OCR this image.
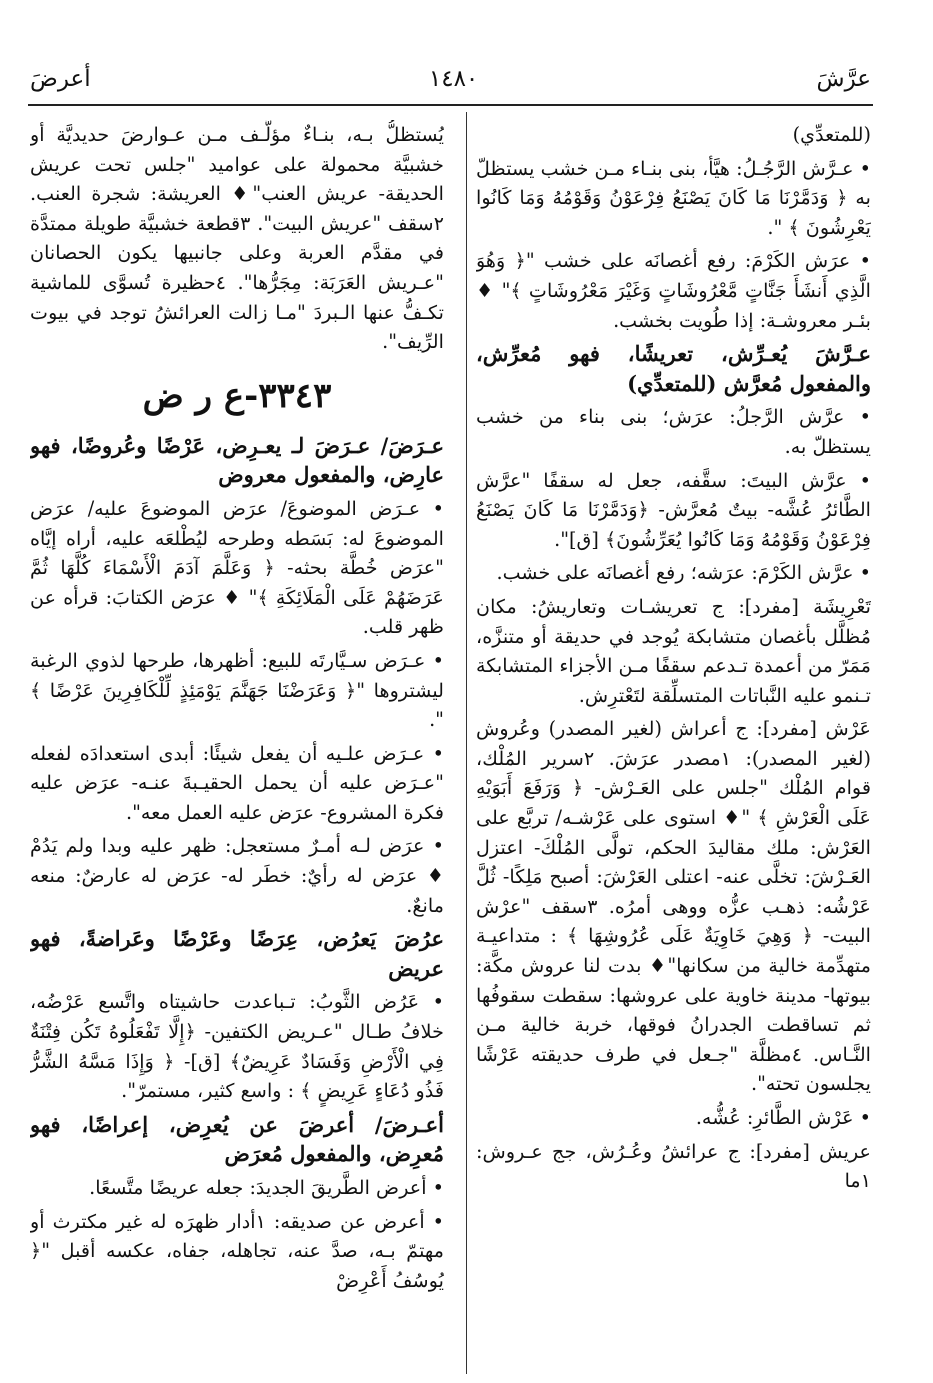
عرَّشَ
١٤٨٠
أعرضَ

(للمتعدِّي)

• عـرَّش الرَّجُـلُ: هيَّأ، بنى بنـاء مـن خشب يستظلّ به ﴿ وَدَمَّرْنَا مَا كَانَ يَصْنَعُ فِرْعَوْنُ وَقَوْمُهُ وَمَا كَانُوا يَعْرِشُونَ ﴾ ".

• عرَش الكَرْمَ: رفع أغصانَه على خشب "﴿ وَهُوَ الَّذِي أَنشَأَ جَنَّاتٍ مَّعْرُوشَاتٍ وَغَيْرَ مَعْرُوشَاتٍ ﴾" ♦ بئـر معروشـة: إذا طُويت بخشب.

عـرَّشَ يُعـرِّش، تعريشًا، فهو مُعرِّش، والمفعول مُعرَّش (للمتعدِّي)

• عرَّش الرَّجلُ: عرَش؛ بنى بناء من خشب يستظلّ به.

• عرَّش البيتَ: سقَّفه، جعل له سقفًا "عرَّش الطَّائرُ عُشَّه- بيتٌ مُعرَّش- ﴿وَدَمَّرْنَا مَا كَانَ يَصْنَعُ فِرْعَوْنُ وَقَوْمُهُ وَمَا كَانُوا يُعَرِّشُونَ﴾ [ق]".

• عرَّش الكَرْمَ: عرَشه؛ رفع أغصانَه على خشب.

تَعْرِيشَة [مفرد]: ج تعريشـات وتعاريشُ: مكان مُظلَّل بأغصان متشابكة يُوجد في حديقة أو متنزَّه، مَمَرّ من أعمدة تـدعم سقفًا مـن الأجزاء المتشابكة تـنمو عليه النَّباتات المتسلِّقة لتَعْترِش.

عَرْش [مفرد]: ج أعراش (لغير المصدر) وعُروش (لغير المصدر): ١مصدر عرَشَ. ٢سرير المُلْك، قوام المُلْك "جلس على العَـرْش- ﴿ وَرَفَعَ أَبَوَيْهِ عَلَى الْعَرْشِ ﴾ "♦ استوى على عَرْشـه/ تربَّع على العَرْش: ملك مقاليدَ الحكم، تولَّى المُلْكَ- اعتزل العَـرْشَ: تخلَّى عنه- اعتلى العَرْشَ: أصبح مَلِكًا- ثُلَّ عَرْشُه: ذهـب عزُّه ووهى أمرُه. ٣سقف "عرْش البيت- ﴿ وَهِيَ خَاوِيَةٌ عَلَى عُرُوشِهَا ﴾ : متداعيـة متهدِّمة خالية من سكانها"♦ بدت لنا عروش مكَّة: بيوتها- مدينة خاوية على عروشها: سقطت سقوفُها ثم تساقطت الجدرانُ فوقها، خربة خالية مـن النَّـاس. ٤مظلَّة "جـعل في طرف حديقته عَرْشًا يجلسون تحته".

• عَرْش الطَّائرِ: عُشُّه.

عريش [مفرد]: ج عرائشُ وعُـرُش، جج عـروش: ١ما

يُستظلُّ بـه، بنـاءٌ مؤلَّـف مـن عـوارضَ حديديَّة أو خشبيَّة محمولة على عواميد "جلس تحت عريش الحديقة- عريش العنب"♦ العريشة: شجرة العنب. ٢سقف "عريش البيت". ٣قطعة خشبيَّة طويلة ممتدَّة في مقدَّم العربة وعلى جانبيها يكون الحصانان "عـريش العَرَبَة: مِجَرُّها". ٤حظيرة تُسوَّى للماشية تكـفُّ عنها الـبردَ "مـا زالت العرائشُ توجد في بيوت الرِّيف".

٣٣٤٣-ع ر ض

عـرَضَ/ عـرَضَ لـ يعـرِض، عَرْضًا وعُروضًا، فهو عارِض، والمفعول معروض

• عـرَض الموضوعَ/ عرَض الموضوعَ عليه/ عرَض الموضوعَ له: بَسَطه وطرحه ليُطْلعَه عليه، أراه إيَّاه "عرَض خُطَّة بحثه- ﴿ وَعَلَّمَ آدَمَ الْأَسْمَاءَ كُلَّهَا ثُمَّ عَرَضَهُمْ عَلَى الْمَلَائِكَةِ ﴾" ♦ عرَض الكتابَ: قرأه عن ظهر قلب.

• عـرَض سـيَّارتَه للبيع: أظهرها، طرحها لذوي الرغبة ليشتروها "﴿ وَعَرَضْنَا جَهَنَّمَ يَوْمَئِذٍ لِّلْكَافِرِينَ عَرْضًا ﴾ ".

• عـرَض علـيه أن يفعل شيئًا: أبدى استعدادَه لفعله "عـرَض عليه أن يحمل الحقيـبةَ عنـه- عرَض عليه فكرة المشروع- عرَض عليه العمل معه".

• عرَض لـه أمـرٌ مستعجل: ظهر عليه وبدا ولم يَدُمْ ♦ عرَض له رأيٌ: خطَر له- عرَض له عارضٌ: منعه مانعٌ.

عرُضَ يَعرُض، عِرَضًا وعَرْضًا وعَراضةً، فهو عريض

• عَرُض الثَّوبُ: تـباعدت حاشيتاه واتَّسع عَرْضُه، خلافُ طـال "عـريض الكتفين- ﴿إِلَّا تَفْعَلُوهُ تَكُن فِتْنَةٌ فِي الْأَرْضِ وَفَسَادٌ عَرِيضٌ﴾ [ق]- ﴿ وَإِذَا مَسَّهُ الشَّرُّ فَذُو دُعَاءٍ عَرِيضٍ ﴾ : واسع كثير، مستمرّ".

أعـرضَ/ أعرضَ عن يُعرِض، إعراضًا، فهو مُعرِض، والمفعول مُعرَض

• أعرض الطَّريقَ الجديدَ: جعله عريضًا متَّسعًا.

• أعرض عن صديقه: ١أدار ظهرَه له غير مكترث أو مهتمّ بـه، صدَّ عنه، تجاهله، جفاه، عكسه أقبل "﴿ يُوسُفُ أَعْرِضْ
